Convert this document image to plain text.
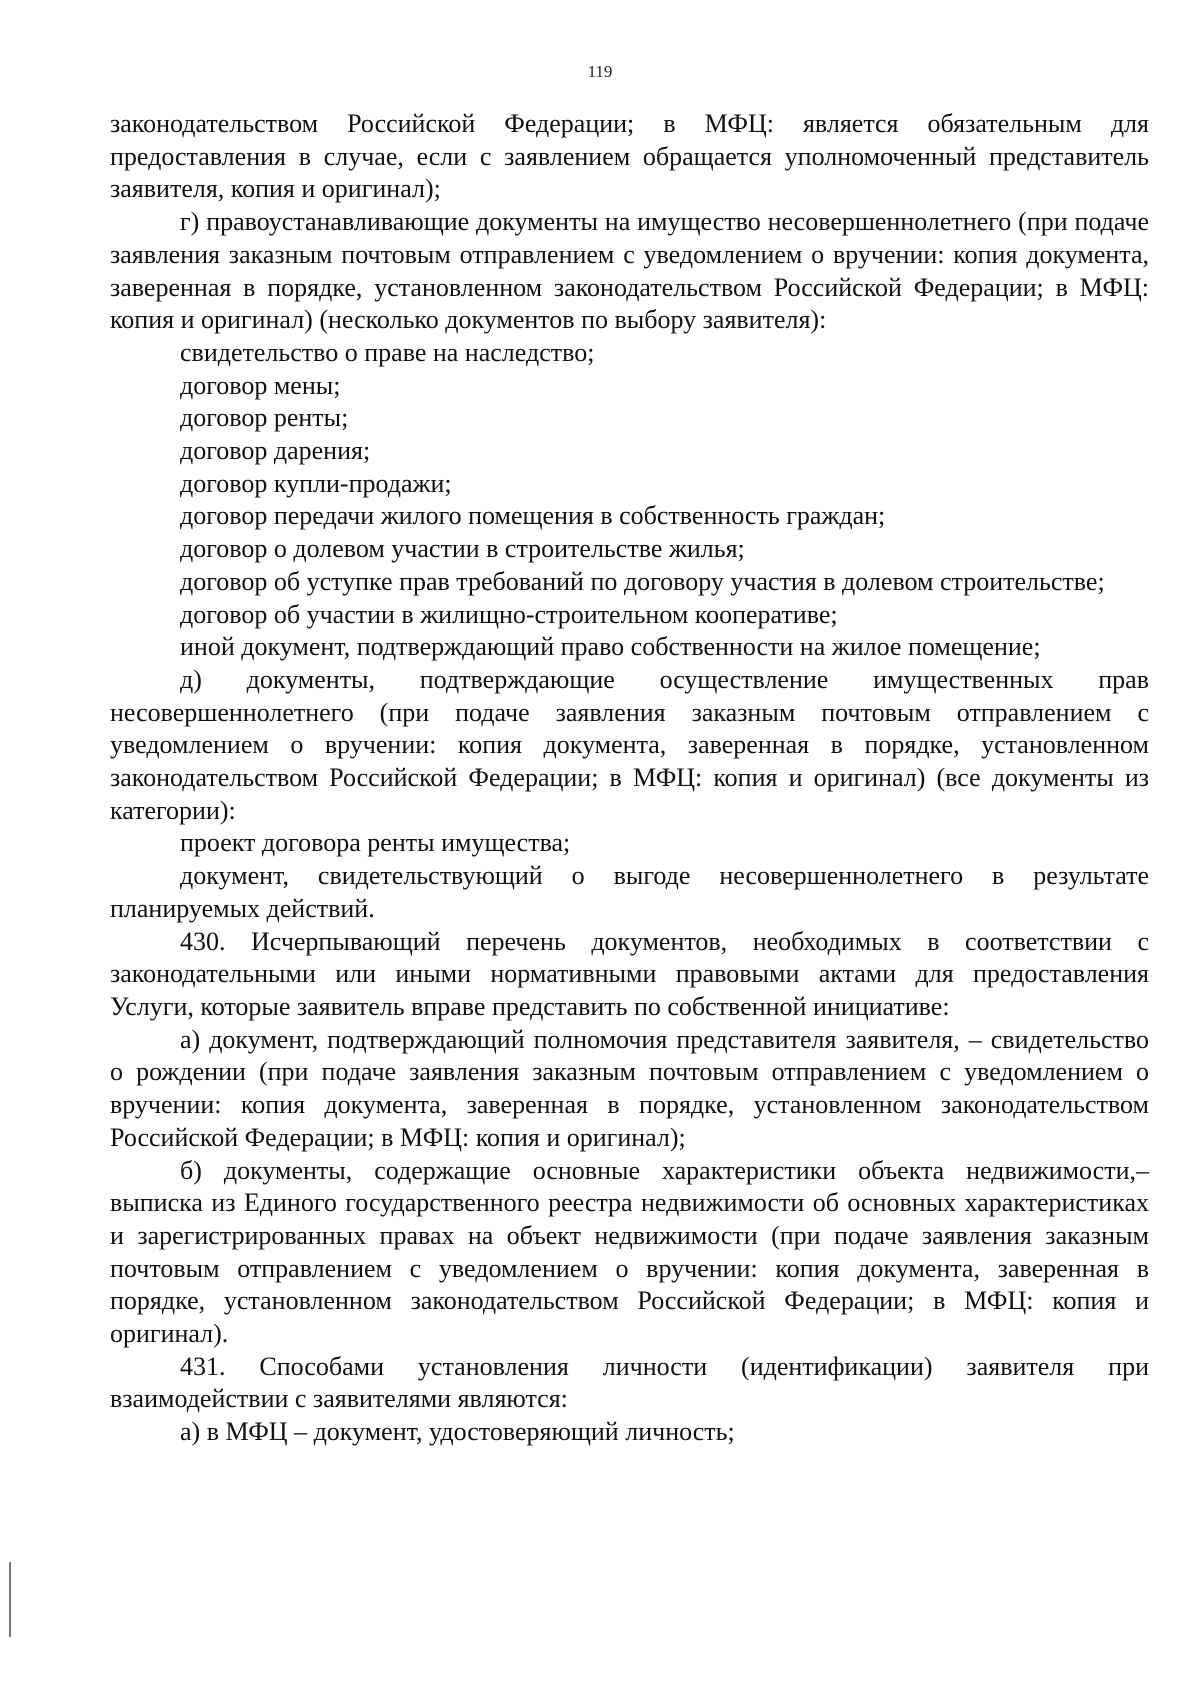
119

законодательством Российской Федерации; в МФЦ: является обязательным для предоставления в случае, если с заявлением обращается уполномоченный представитель заявителя, копия и оригинал);

г) правоустанавливающие документы на имущество несовершеннолетнего (при подаче заявления заказным почтовым отправлением с уведомлением о вручении: копия документа, заверенная в порядке, установленном законодательством Российской Федерации; в МФЦ: копия и оригинал) (несколько документов по выбору заявителя):

свидетельство о праве на наследство;

договор мены;

договор ренты;

договор дарения;

договор купли-продажи;

договор передачи жилого помещения в собственность граждан;

договор о долевом участии в строительстве жилья;

договор об уступке прав требований по договору участия в долевом строительстве;

договор об участии в жилищно-строительном кооперативе;

иной документ, подтверждающий право собственности на жилое помещение;

д) документы, подтверждающие осуществление имущественных прав несовершеннолетнего (при подаче заявления заказным почтовым отправлением с уведомлением о вручении: копия документа, заверенная в порядке, установленном законодательством Российской Федерации; в МФЦ: копия и оригинал) (все документы из категории):

проект договора ренты имущества;

документ, свидетельствующий о выгоде несовершеннолетнего в результате планируемых действий.

430. Исчерпывающий перечень документов, необходимых в соответствии с законодательными или иными нормативными правовыми актами для предоставления Услуги, которые заявитель вправе представить по собственной инициативе:

а) документ, подтверждающий полномочия представителя заявителя, – свидетельство о рождении (при подаче заявления заказным почтовым отправлением с уведомлением о вручении: копия документа, заверенная в порядке, установленном законодательством Российской Федерации; в МФЦ: копия и оригинал);

б) документы, содержащие основные характеристики объекта недвижимости,– выписка из Единого государственного реестра недвижимости об основных характеристиках и зарегистрированных правах на объект недвижимости (при подаче заявления заказным почтовым отправлением с уведомлением о вручении: копия документа, заверенная в порядке, установленном законодательством Российской Федерации; в МФЦ: копия и оригинал).

431. Способами установления личности (идентификации) заявителя при взаимодействии с заявителями являются:

а) в МФЦ – документ, удостоверяющий личность;
